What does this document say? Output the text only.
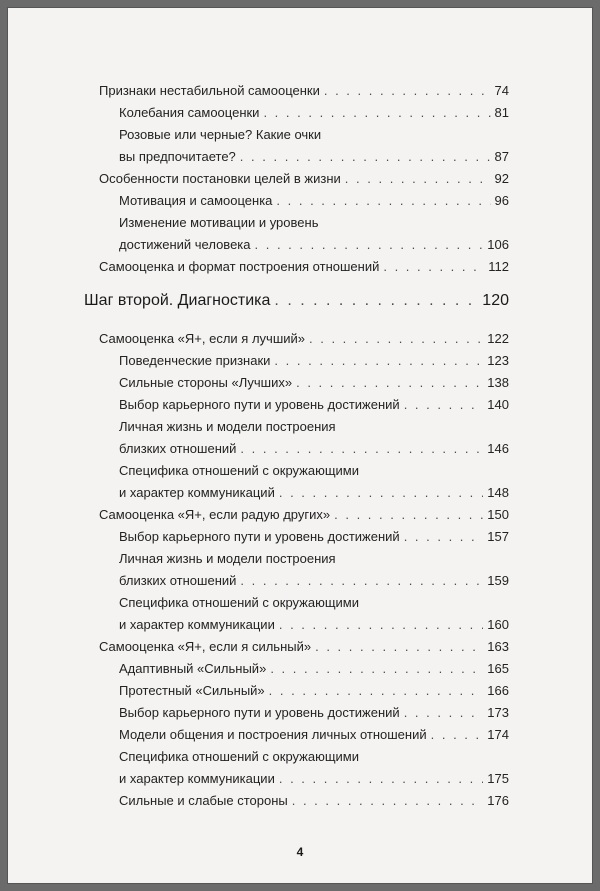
Признаки нестабильной самооценки . . .	74
Колебания самооценки . . .	81
Розовые или черные? Какие очки
вы предпочитаете? . . .	87
Особенности постановки целей в жизни . . .	92
Мотивация и самооценка . . .	96
Изменение мотивации и уровень
достижений человека . . .	106
Самооценка и формат построения отношений . . .	112
Шаг второй. Диагностика . . .	120
Самооценка «Я+, если я лучший» . . .	122
Поведенческие признаки . . .	123
Сильные стороны «Лучших» . . .	138
Выбор карьерного пути и уровень достижений . . .	140
Личная жизнь и модели построения
близких отношений . . .	146
Специфика отношений с окружающими
и характер коммуникаций . . .	148
Самооценка «Я+, если радую других» . . .	150
Выбор карьерного пути и уровень достижений . . .	157
Личная жизнь и модели построения
близких отношений . . .	159
Специфика отношений с окружающими
и характер коммуникации . . .	160
Самооценка «Я+, если я сильный» . . .	163
Адаптивный «Сильный» . . .	165
Протестный «Сильный» . . .	166
Выбор карьерного пути и уровень достижений . . .	173
Модели общения и построения личных отношений . . .	174
Специфика отношений с окружающими
и характер коммуникации . . .	175
Сильные и слабые стороны . . .	176
4
